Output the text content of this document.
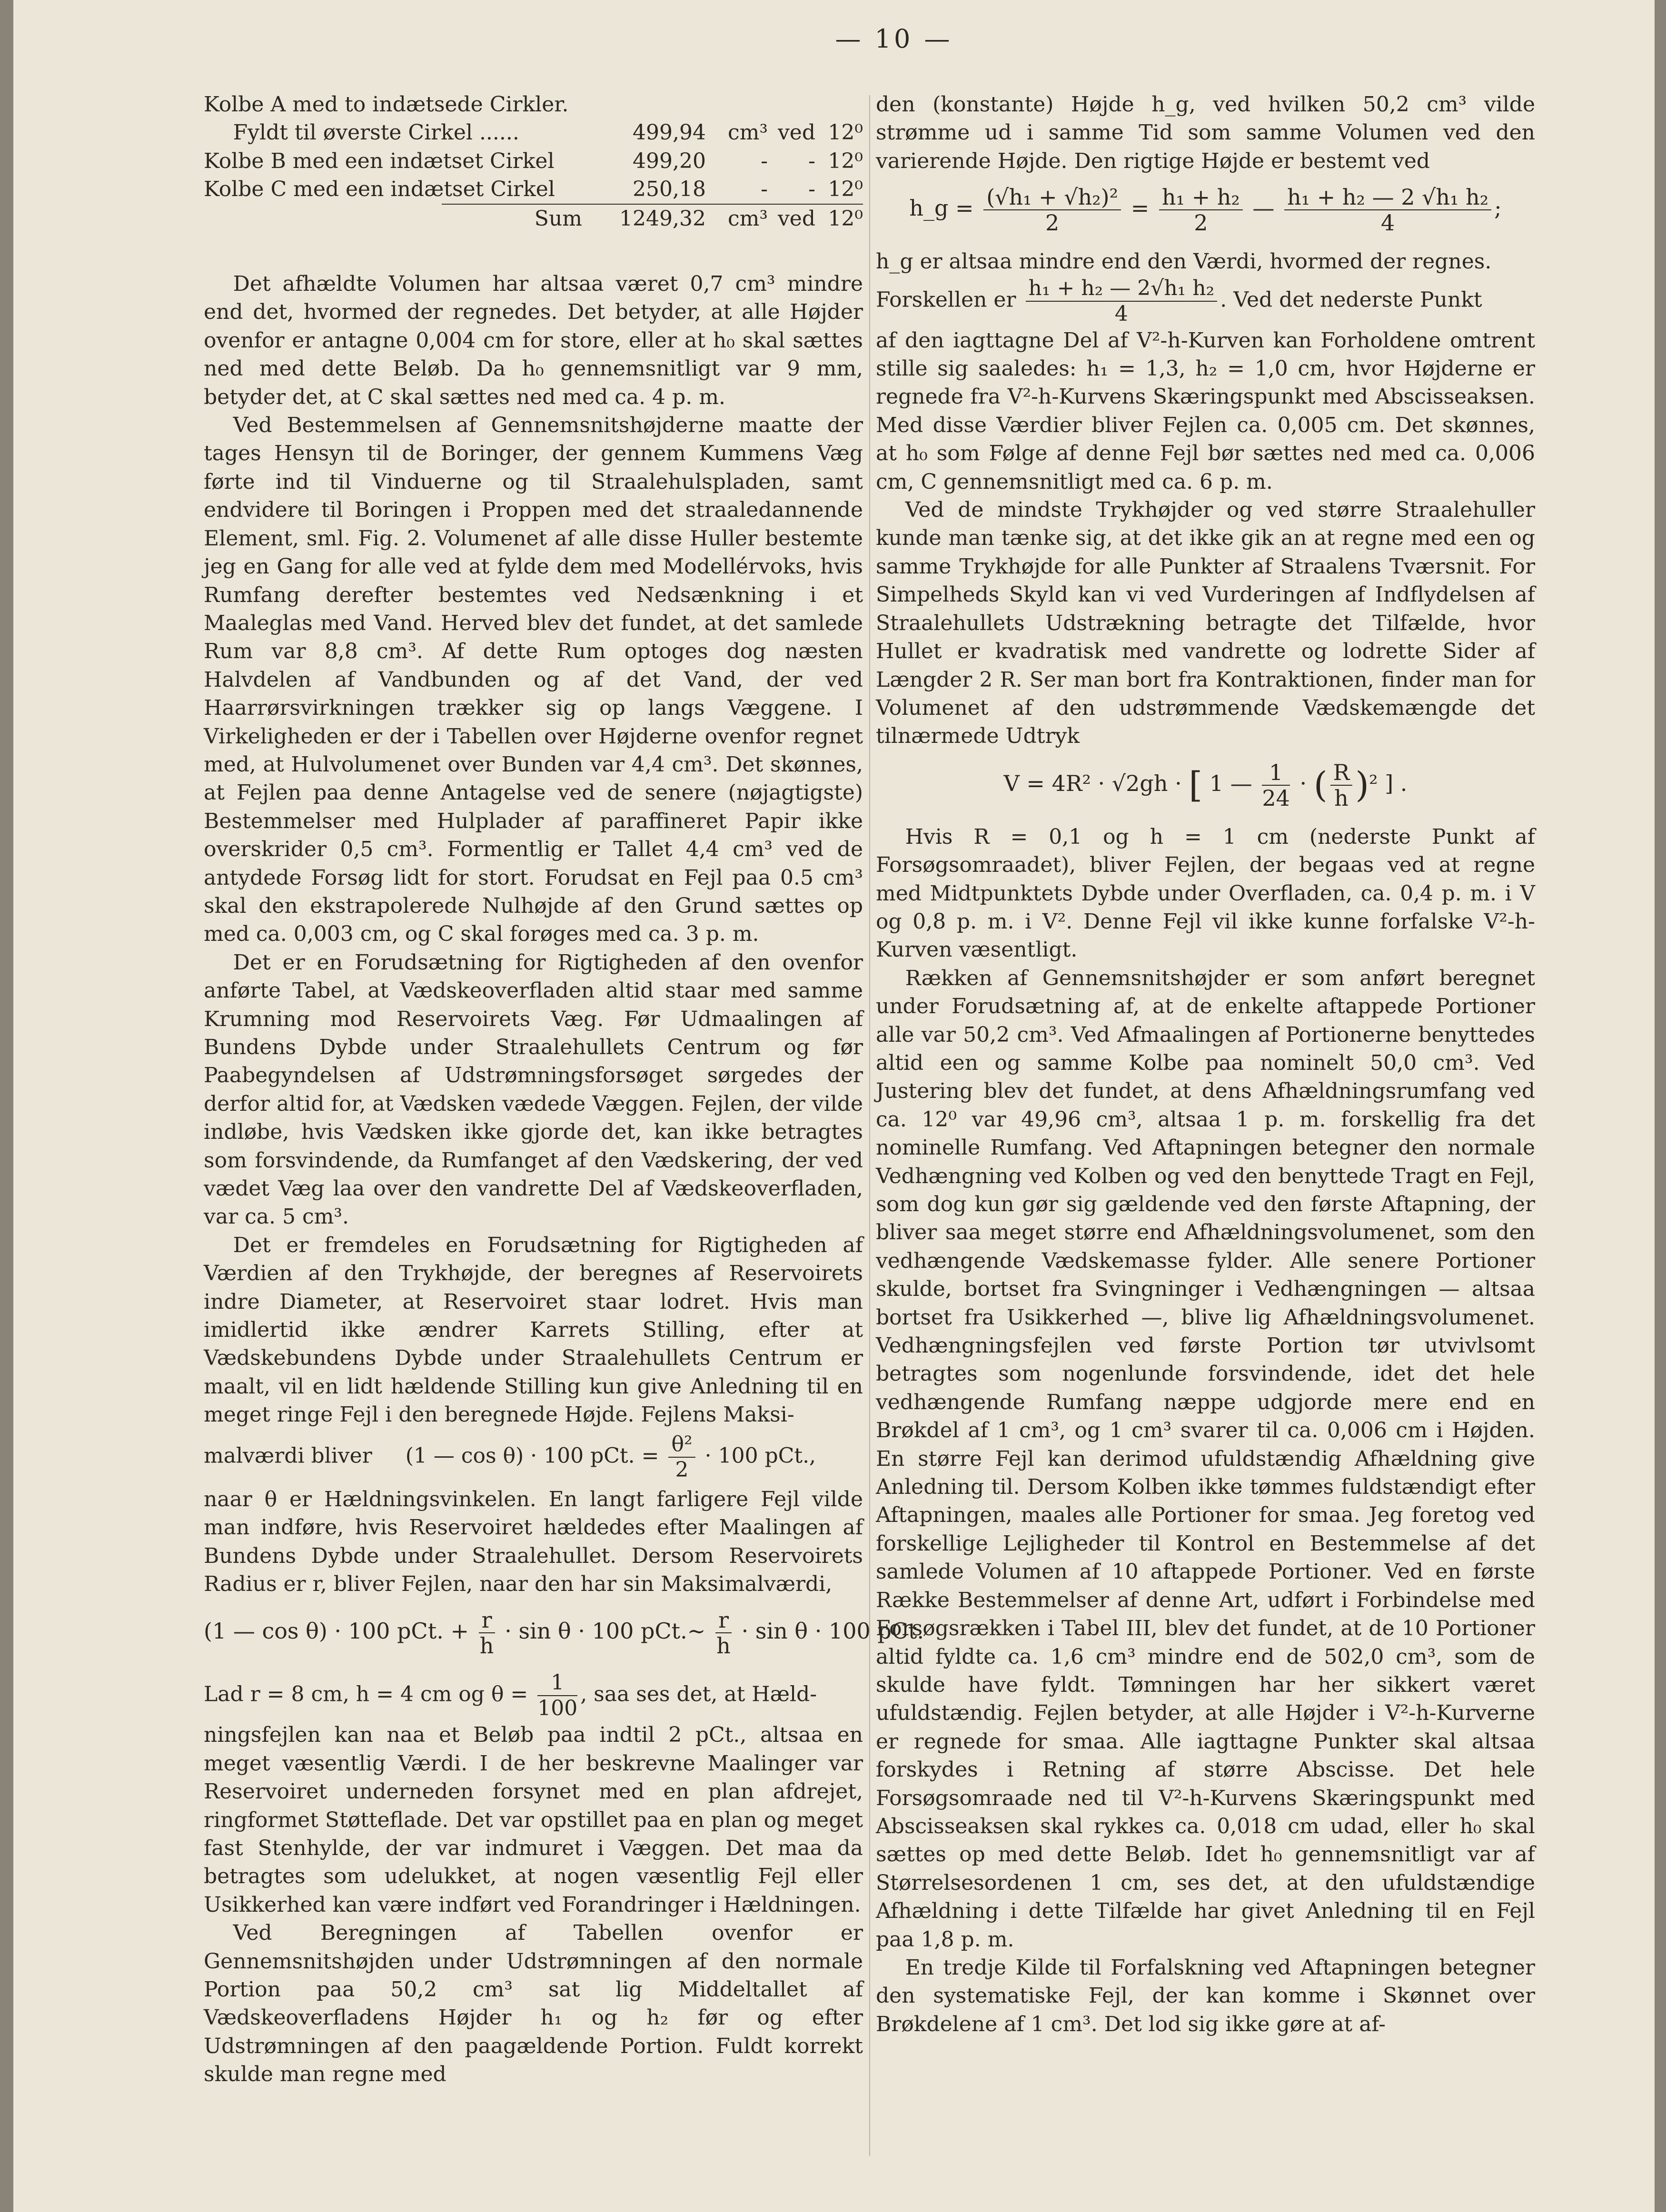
— 10 —
Kolbe A med to indætsede Cirkler.
Fyldt til øverste Cirkel ......	499,94	cm³ ved 12⁰
Kolbe B med een indætset Cirkel	499,20	-	- 12⁰
Kolbe C med een indætset Cirkel	250,18	-	- 12⁰
Sum	1249,32	cm³ ved 12⁰

Det afhældte Volumen har altsaa været 0,7 cm³ mindre end det, hvormed der regnedes. Det betyder, at alle Højder ovenfor er antagne 0,004 cm for store, eller at h₀ skal sættes ned med dette Beløb. Da h₀ gennemsnitligt var 9 mm, betyder det, at C skal sættes ned med ca. 4 p. m.

Ved Bestemmelsen af Gennemsnitshøjderne maatte der tages Hensyn til de Boringer, der gennem Kummens Væg førte ind til Vinduerne og til Straalehulspladen, samt endvidere til Boringen i Proppen med det straaledannende Element, sml. Fig. 2. Volumenet af alle disse Huller bestemte jeg en Gang for alle ved at fylde dem med Modellérvoks, hvis Rumfang derefter bestemtes ved Nedsænkning i et Maaleglas med Vand. Herved blev det fundet, at det samlede Rum var 8,8 cm³. Af dette Rum optoges dog næsten Halvdelen af Vandbunden og af det Vand, der ved Haarrørsvirkningen trækker sig op langs Væggene. I Virkeligheden er der i Tabellen over Højderne ovenfor regnet med, at Hulvolumenet over Bunden var 4,4 cm³. Det skønnes, at Fejlen paa denne Antagelse ved de senere (nøjagtigste) Bestemmelser med Hulplader af paraffineret Papir ikke overskrider 0,5 cm³. Formentlig er Tallet 4,4 cm³ ved de antydede Forsøg lidt for stort. Forudsat en Fejl paa 0.5 cm³ skal den ekstrapolerede Nulhøjde af den Grund sættes op med ca. 0,003 cm, og C skal forøges med ca. 3 p. m.

Det er en Forudsætning for Rigtigheden af den ovenfor anførte Tabel, at Vædskeoverfladen altid staar med samme Krumning mod Reservoirets Væg. Før Udmaalingen af Bundens Dybde under Straalehullets Centrum og før Paabegyndelsen af Udstrømningsforsøget sørgedes der derfor altid for, at Vædsken vædede Væggen. Fejlen, der vilde indløbe, hvis Vædsken ikke gjorde det, kan ikke betragtes som forsvindende, da Rumfanget af den Vædskering, der ved vædet Væg laa over den vandrette Del af Vædskeoverfladen, var ca. 5 cm³.

Det er fremdeles en Forudsætning for Rigtigheden af Værdien af den Trykhøjde, der beregnes af Reservoirets indre Diameter, at Reservoiret staar lodret. Hvis man imidlertid ikke ændrer Karrets Stilling, efter at Vædskebundens Dybde under Straalehullets Centrum er maalt, vil en lidt hældende Stilling kun give Anledning til en meget ringe Fejl i den beregnede Højde. Fejlens Maksi-

malværdi bliver (1 — cos θ) · 100 pCt. = $\frac{\text{θ²}}{2} \cdot 100$ pCt.,

naar θ er Hældningsvinkelen. En langt farligere Fejl vilde man indføre, hvis Reservoiret hældedes efter Maalingen af Bundens Dybde under Straalehullet. Dersom Reservoirets Radius er r, bliver Fejlen, naar den har sin Maksimalværdi,

(1 — cos θ) · 100 pCt. + $\frac{r}{h} \cdot \sin \theta \cdot 100$ pCt.∼ $\frac{r}{h} \cdot \sin \theta \cdot 100$ pCt.
Lad r = 8 cm, h = 4 cm og $\theta = \frac{1}{100}$ , saa ses det, at Hæld-

ningsfejlen kan naa et Beløb paa indtil 2 pCt., altsaa en meget væsentlig Værdi. I de her beskrevne Maalinger var Reservoiret underneden forsynet med en plan afdrejet, ringformet Støtteflade. Det var opstillet paa en plan og meget fast Stenhylde, der var indmuret i Væggen. Det maa da betragtes som udelukket, at nogen væsentlig Fejl eller Usikkerhed kan være indført ved Forandringer i Hældningen.

Ved Beregningen af Tabellen ovenfor er Gennemsnitshøjden under Udstrømningen af den normale Portion paa 50,2 cm³ sat lig Middeltallet af Vædskeoverfladens Højder h₁ og h₂ før og efter Udstrømningen af den paagældende Portion. Fuldt korrekt skulde man regne med

den (konstante) Højde h_g, ved hvilken 50,2 cm³ vilde strømme ud i samme Tid som samme Volumen ved den varierende Højde. Den rigtige Højde er bestemt ved

h_g = $\frac{\text{(√h₁ + √h₂)²}}{2} = \frac{\text{h₁ + h₂}}{2}$ — $\frac{\text{h₁ + h₂ — 2 √h₁ h₂}}{4}$ ;

h_g er altsaa mindre end den Værdi, hvormed der regnes.

Forskellen er $\frac{\text{h₁ + h₂ — 2√h₁ h₂}}{4}$ . Ved det nederste Punkt

af den iagttagne Del af V²-h-Kurven kan Forholdene omtrent stille sig saaledes: h₁ = 1,3, h₂ = 1,0 cm, hvor Højderne er regnede fra V²-h-Kurvens Skæringspunkt med Abscisseaksen. Med disse Værdier bliver Fejlen ca. 0,005 cm. Det skønnes, at h₀ som Følge af denne Fejl bør sættes ned med ca. 0,006 cm, C gennemsnitligt med ca. 6 p. m.

Ved de mindste Trykhøjder og ved større Straalehuller kunde man tænke sig, at det ikke gik an at regne med een og samme Trykhøjde for alle Punkter af Straalens Tværsnit. For Simpelheds Skyld kan vi ved Vurderingen af Indflydelsen af Straalehullets Udstrækning betragte det Tilfælde, hvor Hullet er kvadratisk med vandrette og lodrette Sider af Længder 2 R. Ser man bort fra Kontraktionen, finder man for Volumenet af den udstrømmende Vædskemængde det tilnærmede Udtryk

V = 4R² · √2gh · [ 1 — $\frac{1}{24}$ · ( $\frac{R}{h} )^2$ ] .

Hvis R = 0,1 og h = 1 cm (nederste Punkt af Forsøgsomraadet), bliver Fejlen, der begaas ved at regne med Midtpunktets Dybde under Overfladen, ca. 0,4 p. m. i V og 0,8 p. m. i V². Denne Fejl vil ikke kunne forfalske V²-h-Kurven væsentligt.

Rækken af Gennemsnitshøjder er som anført beregnet under Forudsætning af, at de enkelte aftappede Portioner alle var 50,2 cm³. Ved Afmaalingen af Portionerne benyttedes altid een og samme Kolbe paa nominelt 50,0 cm³. Ved Justering blev det fundet, at dens Afhældningsrumfang ved ca. 12⁰ var 49,96 cm³, altsaa 1 p. m. forskellig fra det nominelle Rumfang. Ved Aftapningen betegner den normale Vedhængning ved Kolben og ved den benyttede Tragt en Fejl, som dog kun gør sig gældende ved den første Aftapning, der bliver saa meget større end Afhældningsvolumenet, som den vedhængende Vædskemasse fylder. Alle senere Portioner skulde, bortset fra Svingninger i Vedhængningen — altsaa bortset fra Usikkerhed —, blive lig Afhældningsvolumenet. Vedhængningsfejlen ved første Portion tør utvivlsomt betragtes som nogenlunde forsvindende, idet det hele vedhængende Rumfang næppe udgjorde mere end en Brøkdel af 1 cm³, og 1 cm³ svarer til ca. 0,006 cm i Højden. En større Fejl kan derimod ufuldstændig Afhældning give Anledning til. Dersom Kolben ikke tømmes fuldstændigt efter Aftapningen, maales alle Portioner for smaa. Jeg foretog ved forskellige Lejligheder til Kontrol en Bestemmelse af det samlede Volumen af 10 aftappede Portioner. Ved en første Række Bestemmelser af denne Art, udført i Forbindelse med Forsøgsrækken i Tabel III, blev det fundet, at de 10 Portioner altid fyldte ca. 1,6 cm³ mindre end de 502,0 cm³, som de skulde have fyldt. Tømningen har her sikkert været ufuldstændig. Fejlen betyder, at alle Højder i V²-h-Kurverne er regnede for smaa. Alle iagttagne Punkter skal altsaa forskydes i Retning af større Abscisse. Det hele Forsøgsomraade ned til V²-h-Kurvens Skæringspunkt med Abscisseaksen skal rykkes ca. 0,018 cm udad, eller h₀ skal sættes op med dette Beløb. Idet h₀ gennemsnitligt var af Størrelsesordenen 1 cm, ses det, at den ufuldstændige Afhældning i dette Tilfælde har givet Anledning til en Fejl paa 1,8 p. m.

En tredje Kilde til Forfalskning ved Aftapningen betegner den systematiske Fejl, der kan komme i Skønnet over Brøkdelene af 1 cm³. Det lod sig ikke gøre at af-
